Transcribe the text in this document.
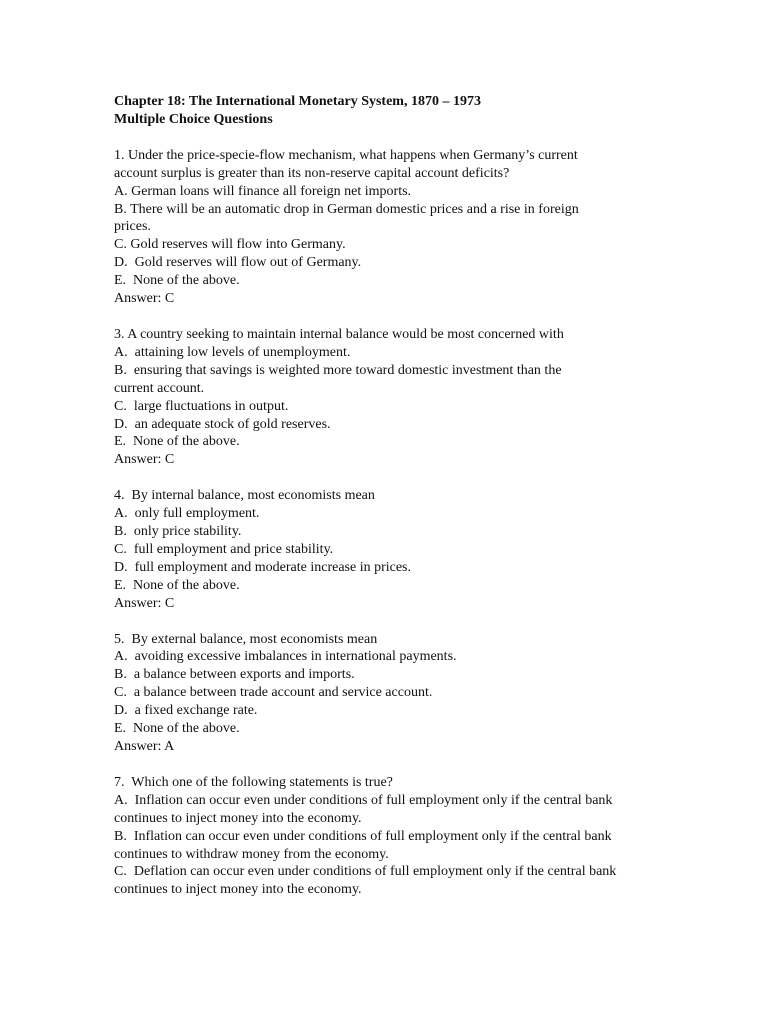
Chapter 18: The International Monetary System, 1870 – 1973

Multiple Choice Questions

1. Under the price-specie-flow mechanism, what happens when Germany’s current

account surplus is greater than its non-reserve capital account deficits?

A. German loans will finance all foreign net imports.

B. There will be an automatic drop in German domestic prices and a rise in foreign

prices.

C. Gold reserves will flow into Germany.

D.  Gold reserves will flow out of Germany.

E.  None of the above.

Answer: C

3. A country seeking to maintain internal balance would be most concerned with

A.  attaining low levels of unemployment.

B.  ensuring that savings is weighted more toward domestic investment than the

current account.

C.  large fluctuations in output.

D.  an adequate stock of gold reserves.

E.  None of the above.

Answer: C

4.  By internal balance, most economists mean

A.  only full employment.

B.  only price stability.

C.  full employment and price stability.

D.  full employment and moderate increase in prices.

E.  None of the above.

Answer: C

5.  By external balance, most economists mean

A.  avoiding excessive imbalances in international payments.

B.  a balance between exports and imports.

C.  a balance between trade account and service account.

D.  a fixed exchange rate.

E.  None of the above.

Answer: A

7.  Which one of the following statements is true?

A.  Inflation can occur even under conditions of full employment only if the central bank

continues to inject money into the economy.

B.  Inflation can occur even under conditions of full employment only if the central bank

continues to withdraw money from the economy.

C.  Deflation can occur even under conditions of full employment only if the central bank

continues to inject money into the economy.
